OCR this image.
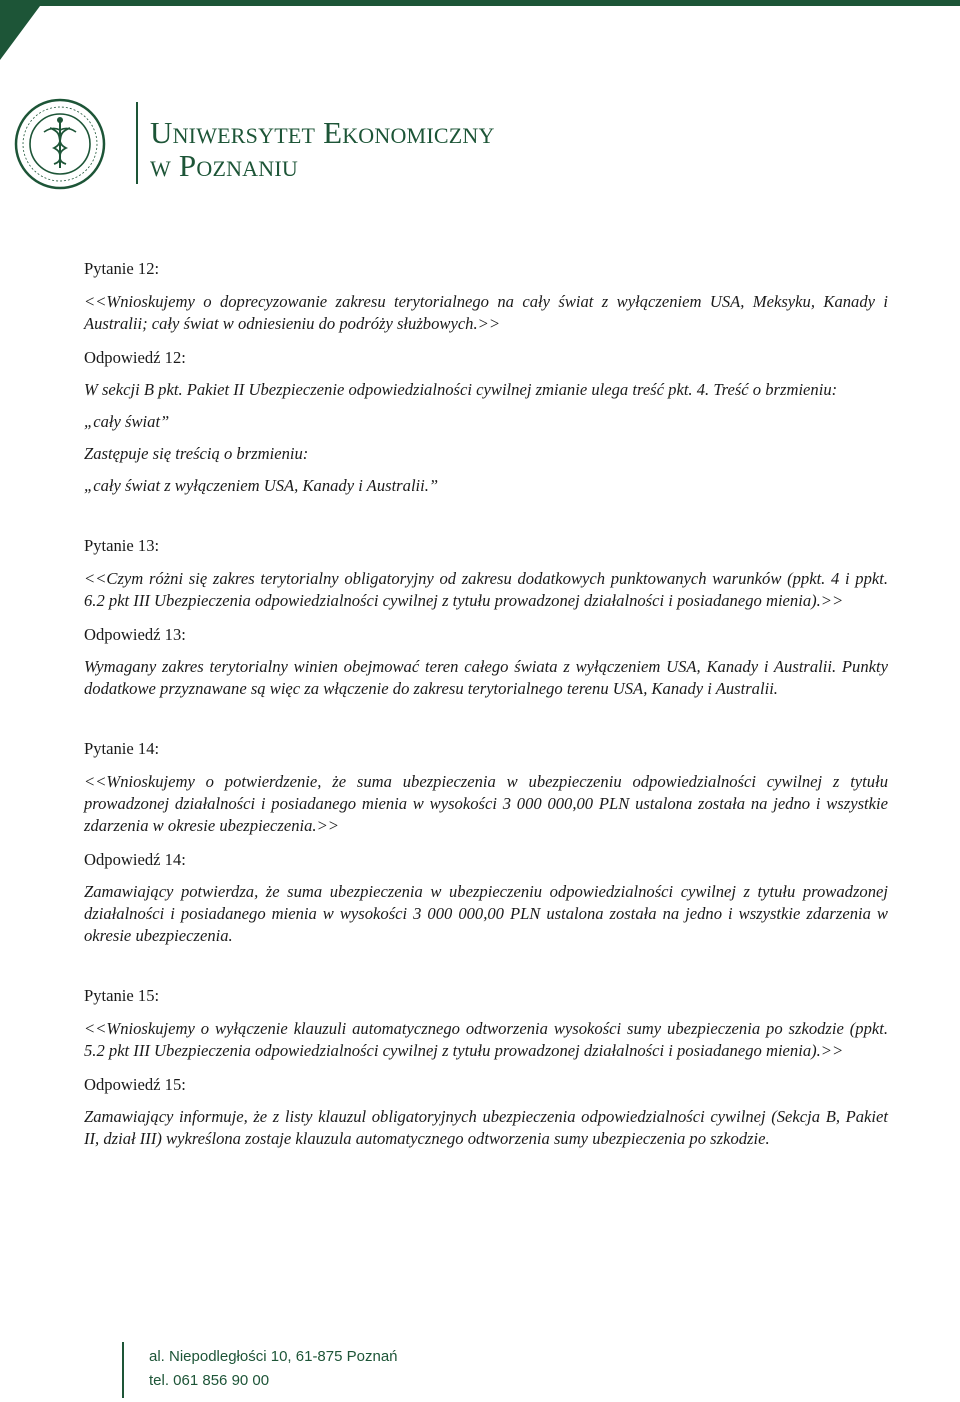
Uniwersytet Ekonomiczny
w Poznaniu

Pytanie 12:

<<Wnioskujemy o doprecyzowanie zakresu terytorialnego na cały świat z wyłączeniem USA, Meksyku, Kanady i Australii; cały świat w odniesieniu do podróży służbowych.>>

Odpowiedź 12:

W sekcji B pkt. Pakiet II Ubezpieczenie odpowiedzialności cywilnej zmianie ulega treść pkt. 4. Treść o brzmieniu:

„cały świat”

Zastępuje się treścią o brzmieniu:

„cały świat z wyłączeniem USA, Kanady i Australii.”

Pytanie 13:

<<Czym różni się zakres terytorialny obligatoryjny od zakresu dodatkowych punktowanych warunków (ppkt. 4 i ppkt. 6.2 pkt III Ubezpieczenia odpowiedzialności cywilnej z tytułu prowadzonej działalności i posiadanego mienia).>>

Odpowiedź 13:

Wymagany zakres terytorialny winien obejmować teren całego świata z wyłączeniem USA, Kanady i Australii. Punkty dodatkowe przyznawane są więc za włączenie do zakresu terytorialnego terenu USA, Kanady i Australii.

Pytanie 14:

<<Wnioskujemy o potwierdzenie, że suma ubezpieczenia w ubezpieczeniu odpowiedzialności cywilnej z tytułu prowadzonej działalności i posiadanego mienia w wysokości 3 000 000,00 PLN ustalona została na jedno i wszystkie zdarzenia w okresie ubezpieczenia.>>

Odpowiedź 14:

Zamawiający potwierdza, że suma ubezpieczenia w ubezpieczeniu odpowiedzialności cywilnej z tytułu prowadzonej działalności i posiadanego mienia w wysokości 3 000 000,00 PLN ustalona została na jedno i wszystkie zdarzenia w okresie ubezpieczenia.

Pytanie 15:

<<Wnioskujemy o wyłączenie klauzuli automatycznego odtworzenia wysokości sumy ubezpieczenia po szkodzie (ppkt. 5.2 pkt III Ubezpieczenia odpowiedzialności cywilnej z tytułu prowadzonej działalności i posiadanego mienia).>>

Odpowiedź 15:

Zamawiający informuje, że z listy klauzul obligatoryjnych ubezpieczenia odpowiedzialności cywilnej (Sekcja B, Pakiet II, dział III) wykreślona zostaje klauzula automatycznego odtworzenia sumy ubezpieczenia po szkodzie.

al. Niepodległości 10, 61-875 Poznań
tel. 061 856 90 00
